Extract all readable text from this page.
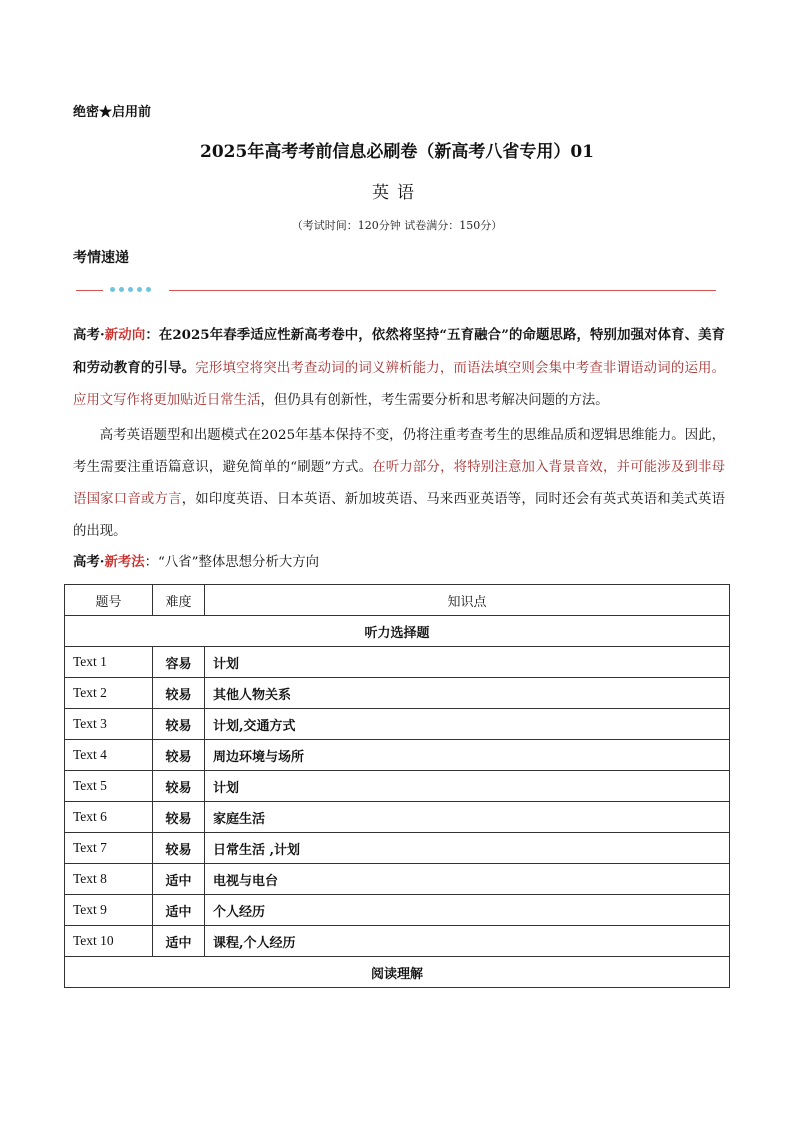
绝密★启用前
2025年高考考前信息必刷卷（新高考八省专用）01
英语
（考试时间：120分钟 试卷满分：150分）
考情速递
高考·新动向：在2025年春季适应性新高考卷中，依然将坚持“五育融合”的命题思路，特别加强对体育、美育和劳动教育的引导。完形填空将突出考查动词的词义辨析能力，而语法填空则会集中考查非谓语动词的运用。应用文写作将更加贴近日常生活，但仍具有创新性，考生需要分析和思考解决问题的方法。
高考英语题型和出题模式在2025年基本保持不变，仍将注重考查考生的思维品质和逻辑思维能力。因此，考生需要注重语篇意识，避免简单的“刷题”方式。在听力部分，将特别注意加入背景音效，并可能涉及到非母语国家口音或方言，如印度英语、日本英语、新加坡英语、马来西亚英语等，同时还会有英式英语和美式英语的出现。
高考·新考法：“八省”整体思想分析大方向
题号	难度	知识点
听力选择题		
Text 1	容易	计划
Text 2	较易	其他人物关系
Text 3	较易	计划,交通方式
Text 4	较易	周边环境与场所
Text 5	较易	计划
Text 6	较易	家庭生活
Text 7	较易	日常生活 ,计划
Text 8	适中	电视与电台
Text 9	适中	个人经历
Text 10	适中	课程,个人经历
阅读理解		
